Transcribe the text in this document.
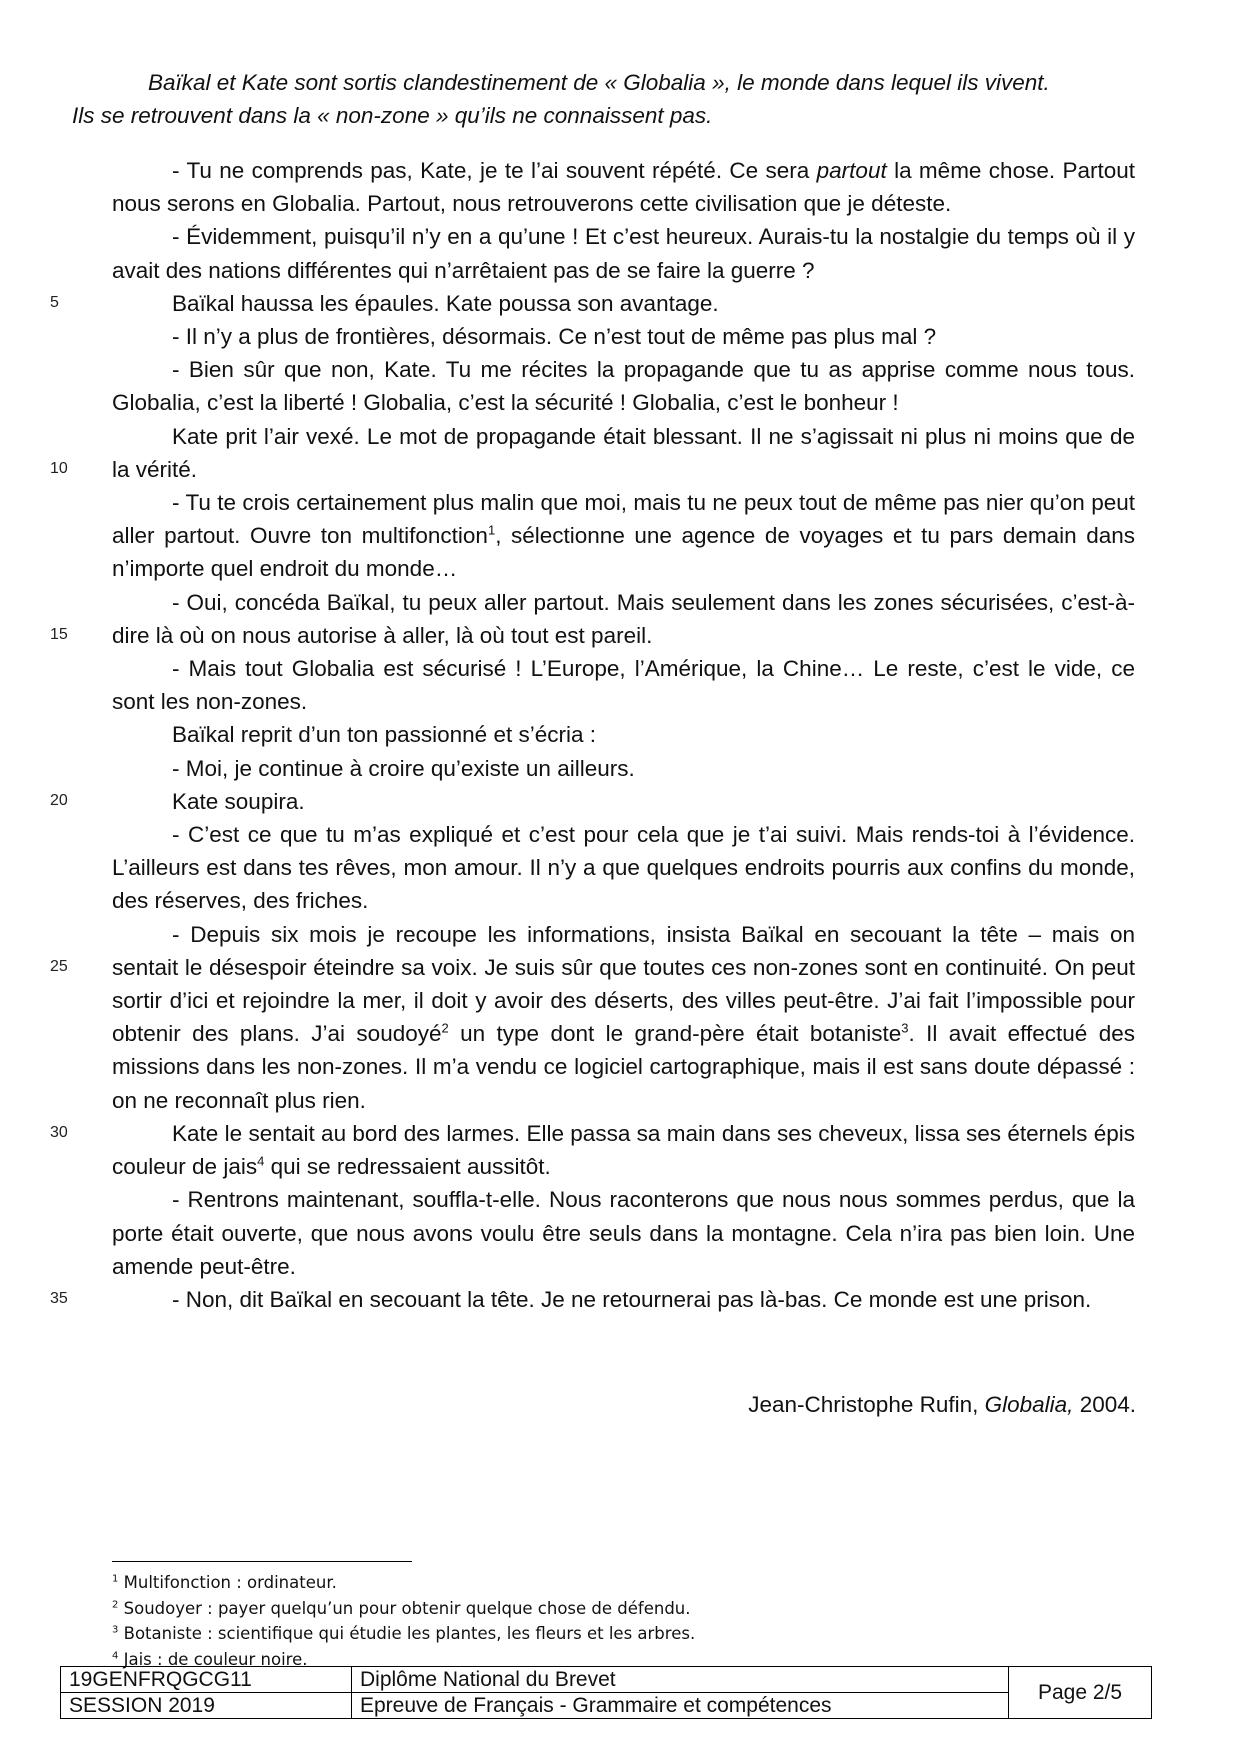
Baïkal et Kate sont sortis clandestinement de « Globalia », le monde dans lequel ils vivent.
Ils se retrouvent dans la « non-zone » qu’ils ne connaissent pas.

- Tu ne comprends pas, Kate, je te l’ai souvent répété. Ce sera partout la même chose. Partout nous serons en Globalia. Partout, nous retrouverons cette civilisation que je déteste.

- Évidemment, puisqu’il n’y en a qu’une ! Et c’est heureux. Aurais-tu la nostalgie du temps où il y avait des nations différentes qui n’arrêtaient pas de se faire la guerre ?

Baïkal haussa les épaules. Kate poussa son avantage.

- Il n’y a plus de frontières, désormais. Ce n’est tout de même pas plus mal ?

- Bien sûr que non, Kate. Tu me récites la propagande que tu as apprise comme nous tous. Globalia, c’est la liberté ! Globalia, c’est la sécurité ! Globalia, c’est le bonheur !

Kate prit l’air vexé. Le mot de propagande était blessant. Il ne s’agissait ni plus ni moins que de la vérité.

- Tu te crois certainement plus malin que moi, mais tu ne peux tout de même pas nier qu’on peut aller partout. Ouvre ton multifonction$^1$, sélectionne une agence de voyages et tu pars demain dans n’importe quel endroit du monde…

- Oui, concéda Baïkal, tu peux aller partout. Mais seulement dans les zones sécurisées, c’est-à-dire là où on nous autorise à aller, là où tout est pareil.

- Mais tout Globalia est sécurisé ! L’Europe, l’Amérique, la Chine… Le reste, c’est le vide, ce sont les non-zones.

Baïkal reprit d’un ton passionné et s’écria :

- Moi, je continue à croire qu’existe un ailleurs.

Kate soupira.

- C’est ce que tu m’as expliqué et c’est pour cela que je t’ai suivi. Mais rends-toi à l’évidence. L’ailleurs est dans tes rêves, mon amour. Il n’y a que quelques endroits pourris aux confins du monde, des réserves, des friches.

- Depuis six mois je recoupe les informations, insista Baïkal en secouant la tête – mais on sentait le désespoir éteindre sa voix. Je suis sûr que toutes ces non-zones sont en continuité. On peut sortir d’ici et rejoindre la mer, il doit y avoir des déserts, des villes peut-être. J’ai fait l’impossible pour obtenir des plans. J’ai soudoyé$^2$ un type dont le grand-père était botaniste$^3$. Il avait effectué des missions dans les non-zones. Il m’a vendu ce logiciel cartographique, mais il est sans doute dépassé : on ne reconnaît plus rien.

Kate le sentait au bord des larmes. Elle passa sa main dans ses cheveux, lissa ses éternels épis couleur de jais$^4$ qui se redressaient aussitôt.

- Rentrons maintenant, souffla-t-elle. Nous raconterons que nous nous sommes perdus, que la porte était ouverte, que nous avons voulu être seuls dans la montagne. Cela n’ira pas bien loin. Une amende peut-être.

- Non, dit Baïkal en secouant la tête. Je ne retournerai pas là-bas. Ce monde est une prison.

5
10
15
20
25
30
35
Jean-Christophe Rufin, Globalia, 2004.
$^1$ Multifonction : ordinateur.
$^2$ Soudoyer : payer quelqu’un pour obtenir quelque chose de défendu.
$^3$ Botaniste : scientifique qui étudie les plantes, les fleurs et les arbres.
$^4$ Jais : de couleur noire.
19GENFRQGCG11	Diplôme National du Brevet	Page 2/5
SESSION 2019	Epreuve de Français - Grammaire et compétences	
